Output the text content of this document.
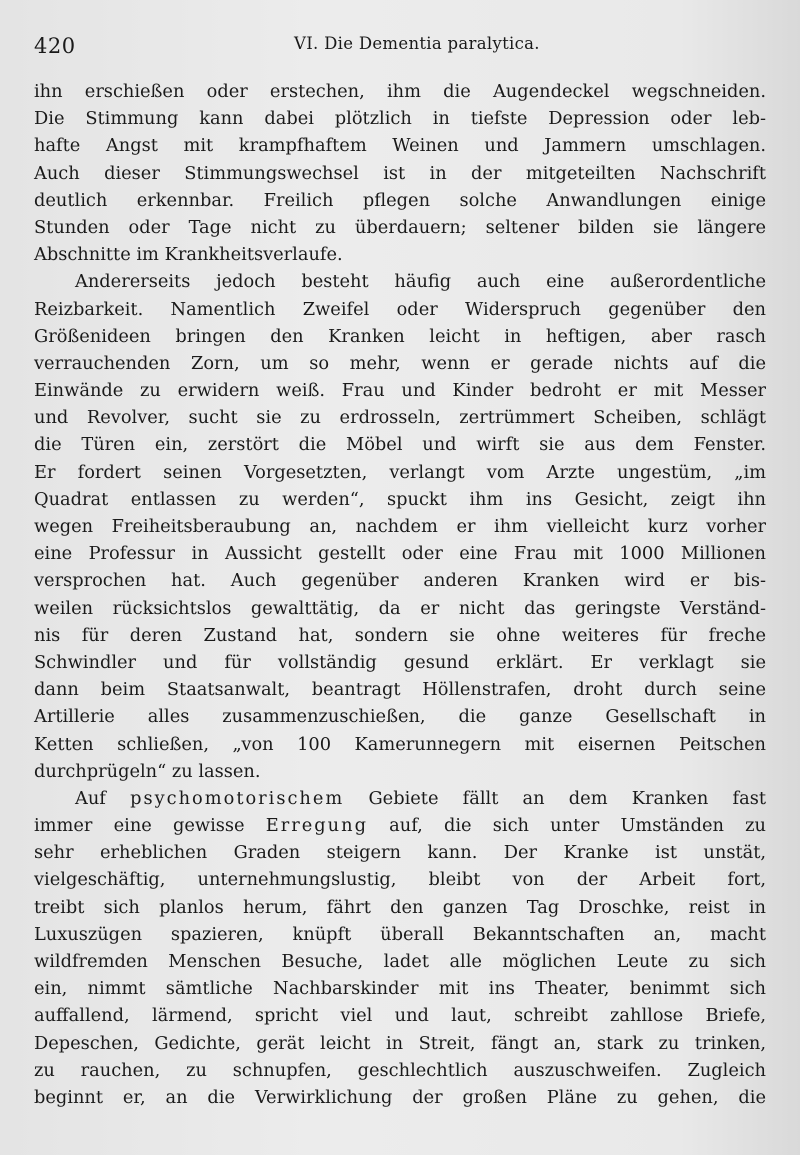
420	VI. Die Dementia paralytica.
ihn erschießen oder erstechen, ihm die Augendeckel wegschneiden.
Die Stimmung kann dabei plötzlich in tiefste Depression oder leb-
hafte Angst mit krampfhaftem Weinen und Jammern umschlagen.
Auch dieser Stimmungswechsel ist in der mitgeteilten Nachschrift
deutlich erkennbar. Freilich pflegen solche Anwandlungen einige
Stunden oder Tage nicht zu überdauern; seltener bilden sie längere
Abschnitte im Krankheitsverlaufe.
Andererseits jedoch besteht häufig auch eine außerordentliche
Reizbarkeit. Namentlich Zweifel oder Widerspruch gegenüber den
Größenideen bringen den Kranken leicht in heftigen, aber rasch
verrauchenden Zorn, um so mehr, wenn er gerade nichts auf die
Einwände zu erwidern weiß. Frau und Kinder bedroht er mit Messer
und Revolver, sucht sie zu erdrosseln, zertrümmert Scheiben, schlägt
die Türen ein, zerstört die Möbel und wirft sie aus dem Fenster.
Er fordert seinen Vorgesetzten, verlangt vom Arzte ungestüm, „im
Quadrat entlassen zu werden“, spuckt ihm ins Gesicht, zeigt ihn
wegen Freiheitsberaubung an, nachdem er ihm vielleicht kurz vorher
eine Professur in Aussicht gestellt oder eine Frau mit 1000 Millionen
versprochen hat. Auch gegenüber anderen Kranken wird er bis-
weilen rücksichtslos gewalttätig, da er nicht das geringste Verständ-
nis für deren Zustand hat, sondern sie ohne weiteres für freche
Schwindler und für vollständig gesund erklärt. Er verklagt sie
dann beim Staatsanwalt, beantragt Höllenstrafen, droht durch seine
Artillerie alles zusammenzuschießen, die ganze Gesellschaft in
Ketten schließen, „von 100 Kamerunnegern mit eisernen Peitschen
durchprügeln“ zu lassen.
Auf psychomotorischem Gebiete fällt an dem Kranken fast
immer eine gewisse Erregung auf, die sich unter Umständen zu
sehr erheblichen Graden steigern kann. Der Kranke ist unstät,
vielgeschäftig, unternehmungslustig, bleibt von der Arbeit fort,
treibt sich planlos herum, fährt den ganzen Tag Droschke, reist in
Luxuszügen spazieren, knüpft überall Bekanntschaften an, macht
wildfremden Menschen Besuche, ladet alle möglichen Leute zu sich
ein, nimmt sämtliche Nachbarskinder mit ins Theater, benimmt sich
auffallend, lärmend, spricht viel und laut, schreibt zahllose Briefe,
Depeschen, Gedichte, gerät leicht in Streit, fängt an, stark zu trinken,
zu rauchen, zu schnupfen, geschlechtlich auszuschweifen. Zugleich
beginnt er, an die Verwirklichung der großen Pläne zu gehen, die
